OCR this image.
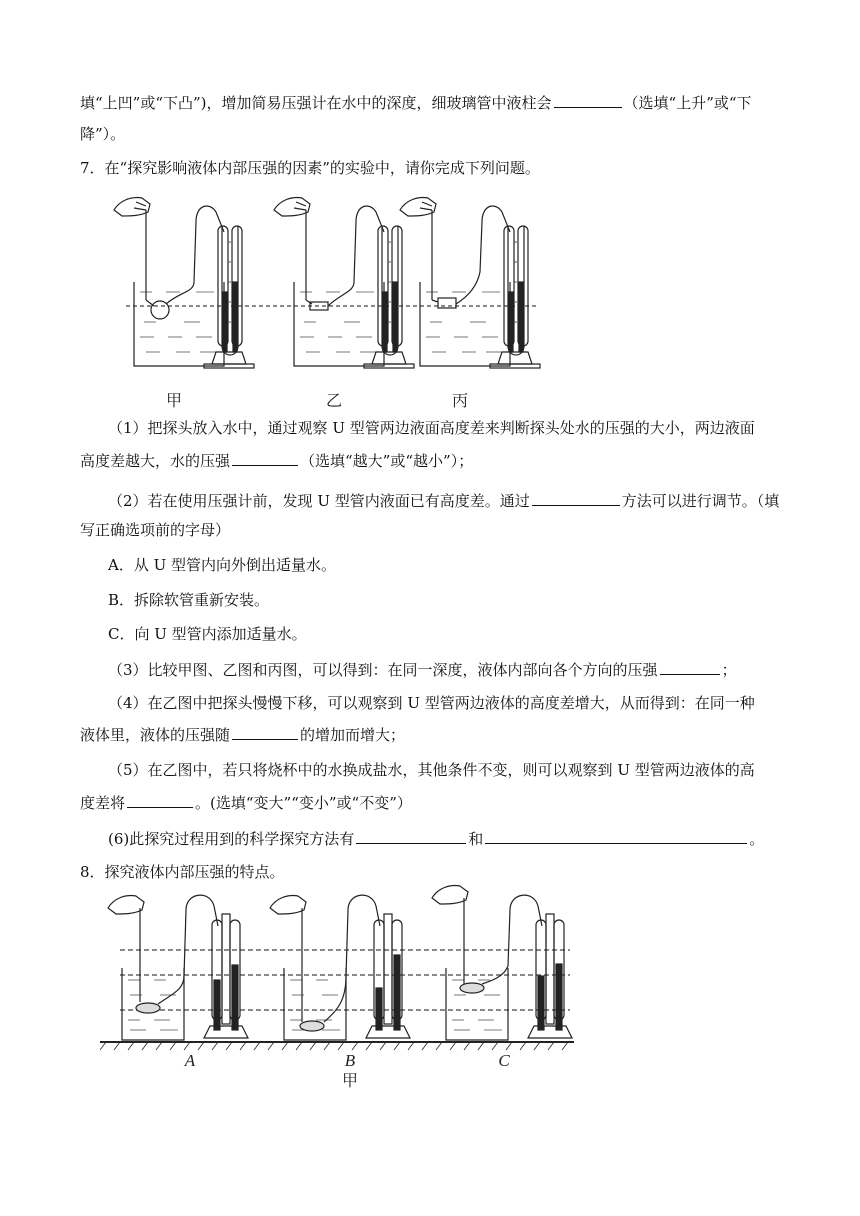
填“上凹”或“下凸”)，增加简易压强计在水中的深度，细玻璃管中液柱会	（选填“上升”或“下
降”）。
7．在“探究影响液体内部压强的因素”的实验中，请你完成下列问题。
甲	乙	丙
（1）把探头放入水中，通过观察 U 型管两边液面高度差来判断探头处水的压强的大小，两边液面
高度差越大，水的压强	（选填“越大”或“越小”）；
（2）若在使用压强计前，发现 U 型管内液面已有高度差。通过	方法可以进行调节。（填
写正确选项前的字母）
A．从 U 型管内向外倒出适量水。
B．拆除软管重新安装。
C．向 U 型管内添加适量水。
（3）比较甲图、乙图和丙图，可以得到：在同一深度，液体内部向各个方向的压强	；
（4）在乙图中把探头慢慢下移，可以观察到 U 型管两边液体的高度差增大，从而得到：在同一种
液体里，液体的压强随	的增加而增大；
（5）在乙图中，若只将烧杯中的水换成盐水，其他条件不变，则可以观察到 U 型管两边液体的高
度差将	。(选填“变大”“变小”或“不变”）
(6)此探究过程用到的科学探究方法有	和	。
8．探究液体内部压强的特点。
A	B	C
甲
